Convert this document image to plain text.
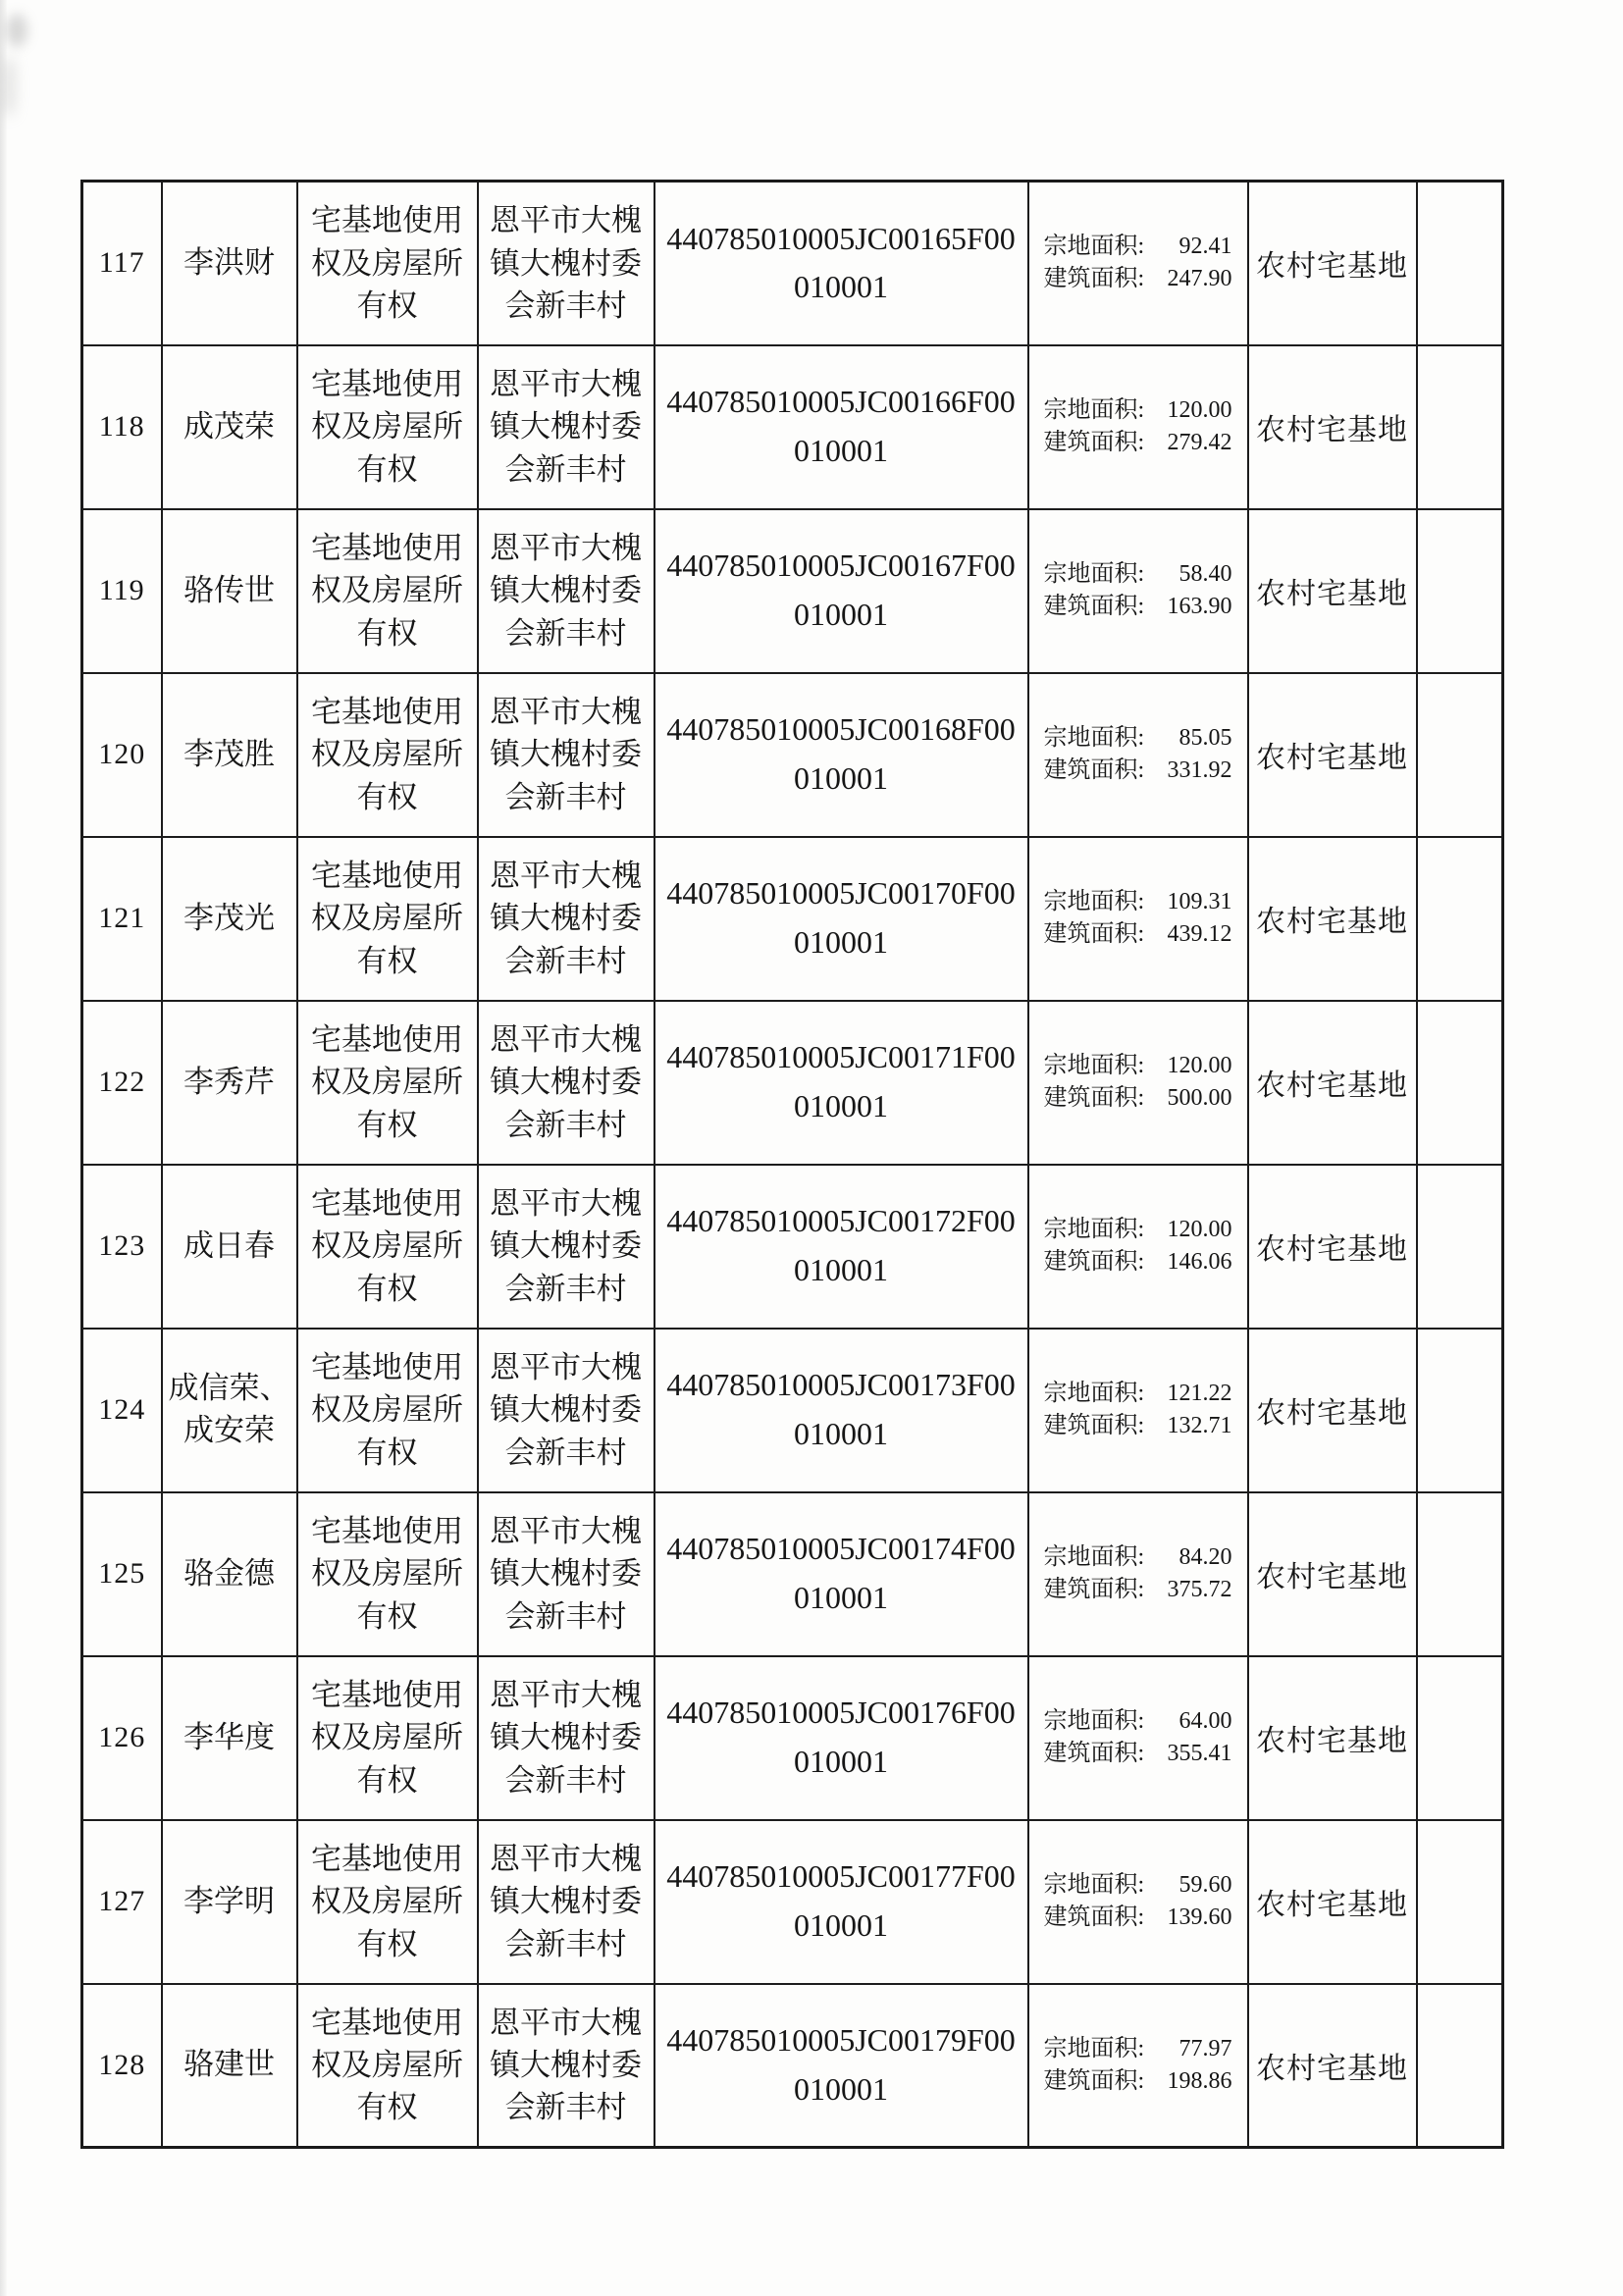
117	李洪财	宅基地使用权及房屋所有权	恩平市大槐镇大槐村委会新丰村	440785010005JC00165F00010001	宗地面积: 92.41
建筑面积: 247.90	农村宅基地	
118	成茂荣	宅基地使用权及房屋所有权	恩平市大槐镇大槐村委会新丰村	440785010005JC00166F00010001	宗地面积: 120.00
建筑面积: 279.42	农村宅基地	
119	骆传世	宅基地使用权及房屋所有权	恩平市大槐镇大槐村委会新丰村	440785010005JC00167F00010001	宗地面积: 58.40
建筑面积: 163.90	农村宅基地	
120	李茂胜	宅基地使用权及房屋所有权	恩平市大槐镇大槐村委会新丰村	440785010005JC00168F00010001	宗地面积: 85.05
建筑面积: 331.92	农村宅基地	
121	李茂光	宅基地使用权及房屋所有权	恩平市大槐镇大槐村委会新丰村	440785010005JC00170F00010001	宗地面积: 109.31
建筑面积: 439.12	农村宅基地	
122	李秀芹	宅基地使用权及房屋所有权	恩平市大槐镇大槐村委会新丰村	440785010005JC00171F00010001	宗地面积: 120.00
建筑面积: 500.00	农村宅基地	
123	成日春	宅基地使用权及房屋所有权	恩平市大槐镇大槐村委会新丰村	440785010005JC00172F00010001	宗地面积: 120.00
建筑面积: 146.06	农村宅基地	
124	成信荣、成安荣	宅基地使用权及房屋所有权	恩平市大槐镇大槐村委会新丰村	440785010005JC00173F00010001	宗地面积: 121.22
建筑面积: 132.71	农村宅基地	
125	骆金德	宅基地使用权及房屋所有权	恩平市大槐镇大槐村委会新丰村	440785010005JC00174F00010001	宗地面积: 84.20
建筑面积: 375.72	农村宅基地	
126	李华度	宅基地使用权及房屋所有权	恩平市大槐镇大槐村委会新丰村	440785010005JC00176F00010001	宗地面积: 64.00
建筑面积: 355.41	农村宅基地	
127	李学明	宅基地使用权及房屋所有权	恩平市大槐镇大槐村委会新丰村	440785010005JC00177F00010001	宗地面积: 59.60
建筑面积: 139.60	农村宅基地	
128	骆建世	宅基地使用权及房屋所有权	恩平市大槐镇大槐村委会新丰村	440785010005JC00179F00010001	宗地面积: 77.97
建筑面积: 198.86	农村宅基地	
